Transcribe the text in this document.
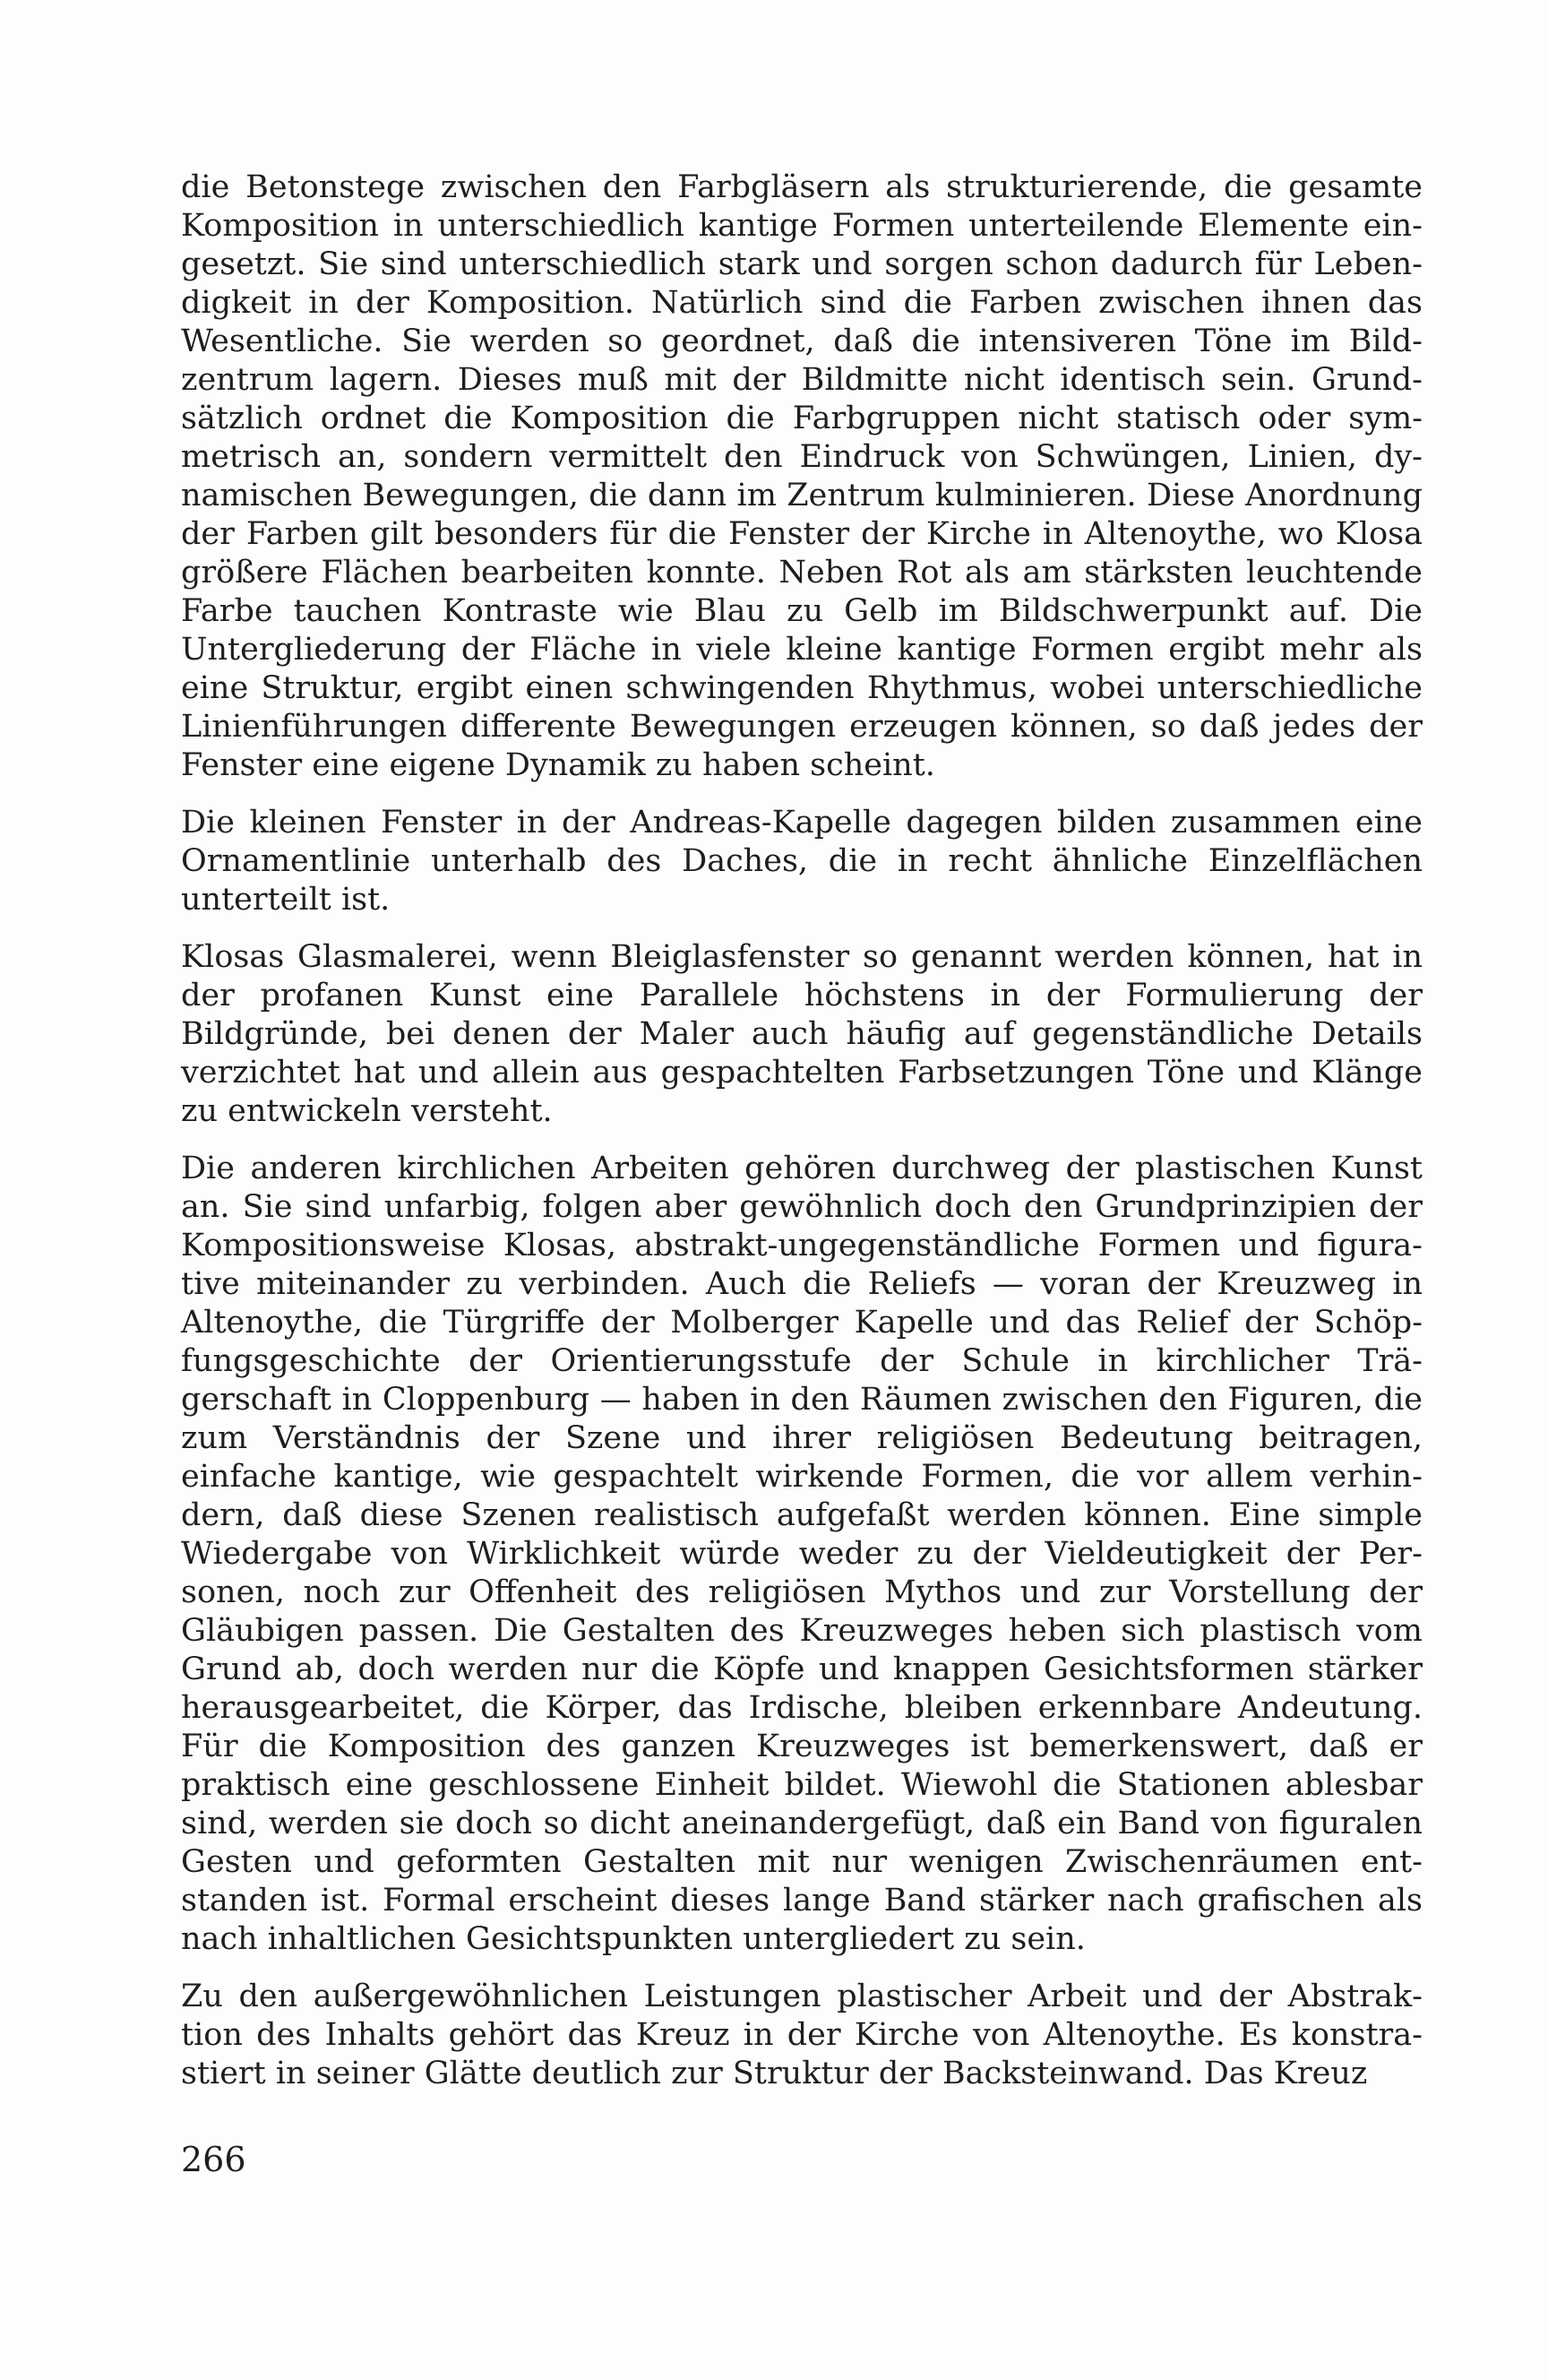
die Betonstege zwischen den Farbgläsern als strukturierende, die gesamte Komposition in unterschiedlich kantige Formen unterteilende Elemente eingesetzt. Sie sind unterschiedlich stark und sorgen schon dadurch für Lebendigkeit in der Komposition. Natürlich sind die Farben zwischen ihnen das Wesentliche. Sie werden so geordnet, daß die intensiveren Töne im Bildzentrum lagern. Dieses muß mit der Bildmitte nicht identisch sein. Grundsätzlich ordnet die Komposition die Farbgruppen nicht statisch oder symmetrisch an, sondern vermittelt den Eindruck von Schwüngen, Linien, dynamischen Bewegungen, die dann im Zentrum kulminieren. Diese Anordnung der Farben gilt besonders für die Fenster der Kirche in Altenoythe, wo Klosa größere Flächen bearbeiten konnte. Neben Rot als am stärksten leuchtende Farbe tauchen Kontraste wie Blau zu Gelb im Bildschwerpunkt auf. Die Untergliederung der Fläche in viele kleine kantige Formen ergibt mehr als eine Struktur, ergibt einen schwingenden Rhythmus, wobei unterschiedliche Linienführungen differente Bewegungen erzeugen können, so daß jedes der Fenster eine eigene Dynamik zu haben scheint.

Die kleinen Fenster in der Andreas-Kapelle dagegen bilden zusammen eine Ornamentlinie unterhalb des Daches, die in recht ähnliche Einzelflächen unterteilt ist.

Klosas Glasmalerei, wenn Bleiglasfenster so genannt werden können, hat in der profanen Kunst eine Parallele höchstens in der Formulierung der Bildgründe, bei denen der Maler auch häufig auf gegenständliche Details verzichtet hat und allein aus gespachtelten Farbsetzungen Töne und Klänge zu entwickeln versteht.

Die anderen kirchlichen Arbeiten gehören durchweg der plastischen Kunst an. Sie sind unfarbig, folgen aber gewöhnlich doch den Grundprinzipien der Kompositionsweise Klosas, abstrakt-ungegenständliche Formen und figurative miteinander zu verbinden. Auch die Reliefs — voran der Kreuzweg in Altenoythe, die Türgriffe der Molberger Kapelle und das Relief der Schöpfungsgeschichte der Orientierungsstufe der Schule in kirchlicher Trägerschaft in Cloppenburg — haben in den Räumen zwischen den Figuren, die zum Verständnis der Szene und ihrer religiösen Bedeutung beitragen, einfache kantige, wie gespachtelt wirkende Formen, die vor allem verhindern, daß diese Szenen realistisch aufgefaßt werden können. Eine simple Wiedergabe von Wirklichkeit würde weder zu der Vieldeutigkeit der Personen, noch zur Offenheit des religiösen Mythos und zur Vorstellung der Gläubigen passen. Die Gestalten des Kreuzweges heben sich plastisch vom Grund ab, doch werden nur die Köpfe und knappen Gesichtsformen stärker herausgearbeitet, die Körper, das Irdische, bleiben erkennbare Andeutung. Für die Komposition des ganzen Kreuzweges ist bemerkenswert, daß er praktisch eine geschlossene Einheit bildet. Wiewohl die Stationen ablesbar sind, werden sie doch so dicht aneinandergefügt, daß ein Band von figuralen Gesten und geformten Gestalten mit nur wenigen Zwischenräumen entstanden ist. Formal erscheint dieses lange Band stärker nach grafischen als nach inhaltlichen Gesichtspunkten untergliedert zu sein.

Zu den außergewöhnlichen Leistungen plastischer Arbeit und der Abstraktion des Inhalts gehört das Kreuz in der Kirche von Altenoythe. Es konstrastiert in seiner Glätte deutlich zur Struktur der Backsteinwand. Das Kreuz

266
